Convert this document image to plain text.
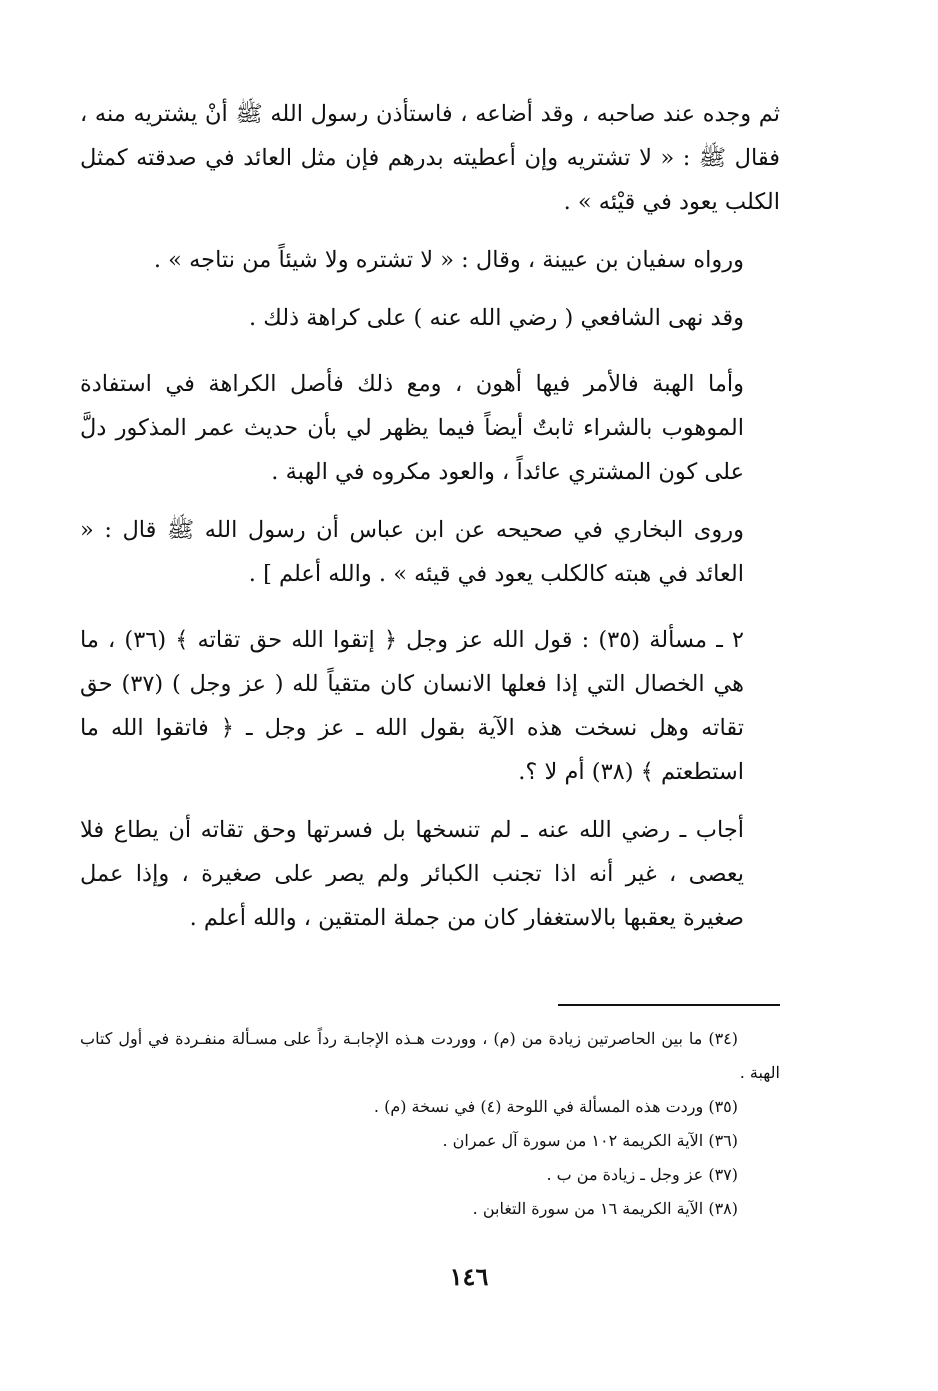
ثم وجده عند صاحبه ، وقد أضاعه ، فاستأذن رسول الله ﷺ أنْ يشتريه منه ، فقال ﷺ : « لا تشتريه وإن أعطيته بدرهم فإن مثل العائد في صدقته كمثل الكلب يعود في قيْئه » .

ورواه سفيان بن عيينة ، وقال : « لا تشتره ولا شيئاً من نتاجه » .

وقد نهى الشافعي ( رضي الله عنه ) على كراهة ذلك .

وأما الهبة فالأمر فيها أهون ، ومع ذلك فأصل الكراهة في استفادة الموهوب بالشراء ثابتٌ أيضاً فيما يظهر لي بأن حديث عمر المذكور دلَّ على كون المشتري عائداً ، والعود مكروه في الهبة .

وروى البخاري في صحيحه عن ابن عباس أن رسول الله ﷺ قال : « العائد في هبته كالكلب يعود في قيئه » . والله أعلم ] .

٢ ـ مسألة (٣٥) : قول الله عز وجل ﴿ إتقوا الله حق تقاته ﴾ (٣٦) ، ما هي الخصال التي إذا فعلها الانسان كان متقياً لله ( عز وجل ) (٣٧) حق تقاته وهل نسخت هذه الآية بقول الله ـ عز وجل ـ ﴿ فاتقوا الله ما استطعتم ﴾ (٣٨) أم لا ؟.

أجاب ـ رضي الله عنه ـ لم تنسخها بل فسرتها وحق تقاته أن يطاع فلا يعصى ، غير أنه اذا تجنب الكبائر ولم يصر على صغيرة ، وإذا عمل صغيرة يعقبها بالاستغفار كان من جملة المتقين ، والله أعلم .

(٣٤) ما بين الحاصرتين زيادة من (م) ، ووردت هـذه الإجابـة رداً على مسـألة منفـردة في أول كتاب الهبة .

(٣٥) وردت هذه المسألة في اللوحة (٤) في نسخة (م) .

(٣٦) الآية الكريمة ١٠٢ من سورة آل عمران .

(٣٧) عز وجل ـ زيادة من ب .

(٣٨) الآية الكريمة ١٦ من سورة التغابن .

١٤٦
